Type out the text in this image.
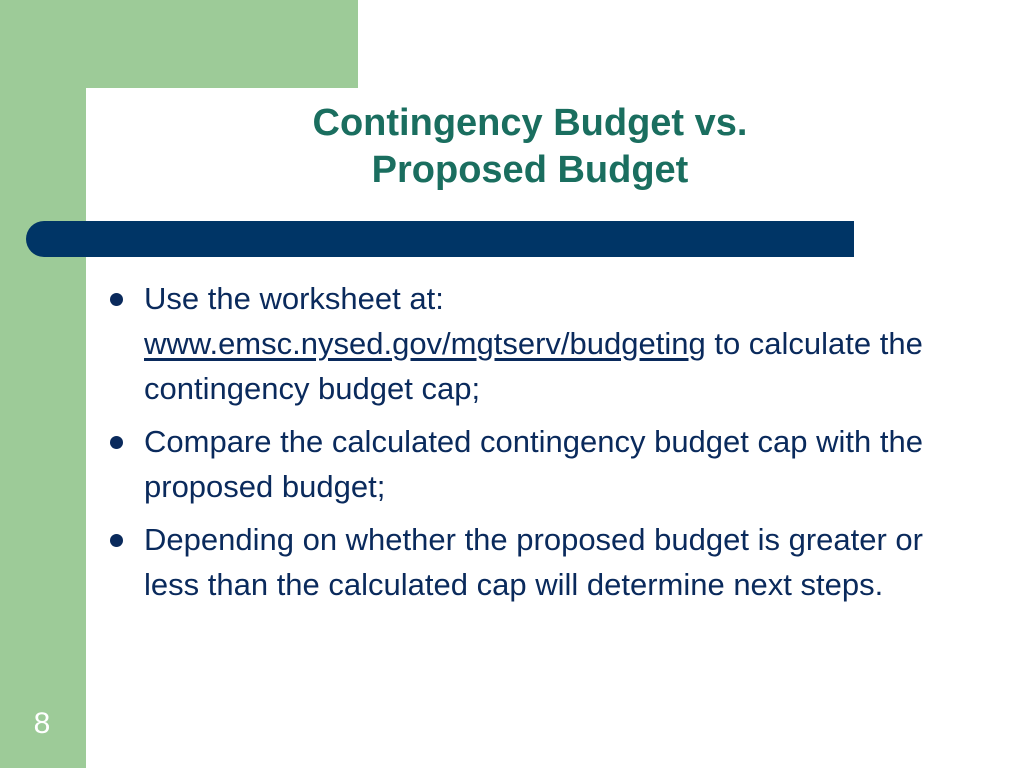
Contingency Budget vs.
Proposed Budget
Use the worksheet at:
www.emsc.nysed.gov/mgtserv/budgeting to calculate the contingency budget cap;
Compare the calculated contingency budget cap with the proposed budget;
Depending on whether the proposed budget is greater or less than the calculated cap will determine next steps.
8
